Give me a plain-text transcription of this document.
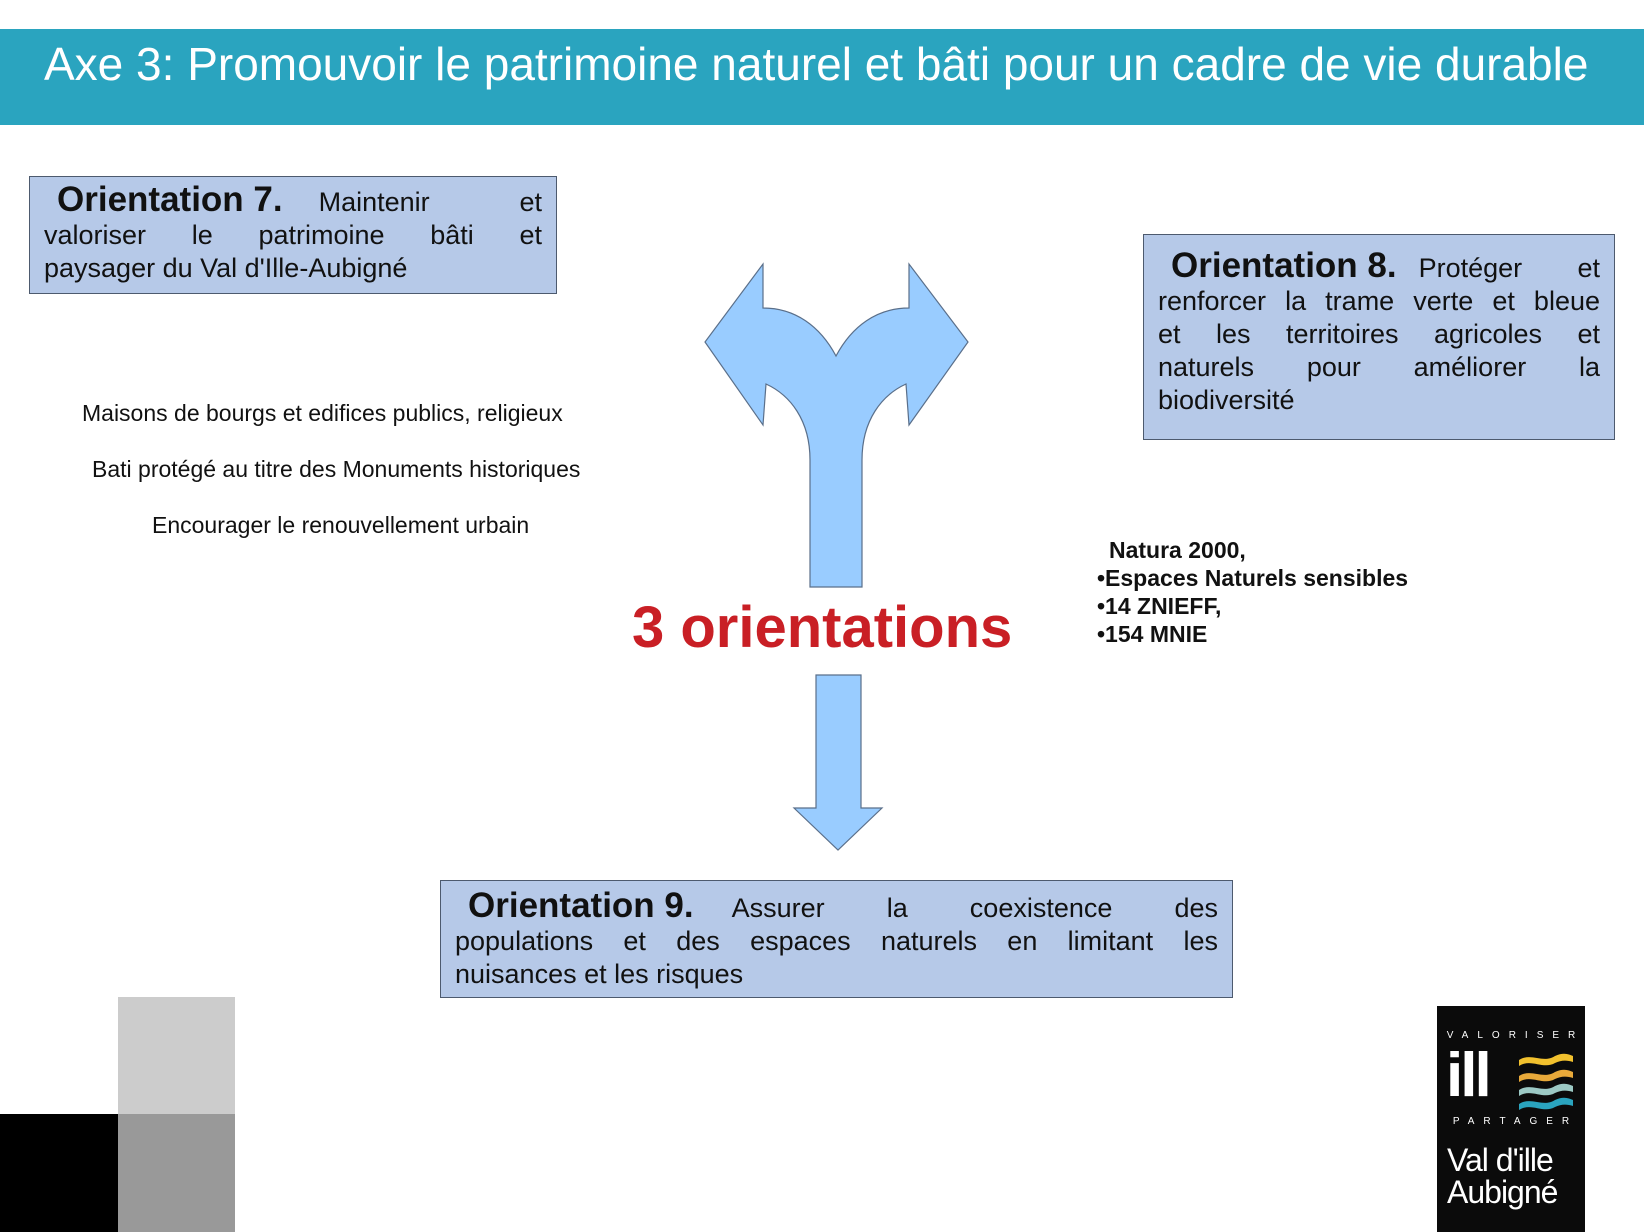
Axe 3: Promouvoir le patrimoine naturel et bâti pour un cadre de vie durable
Orientation 7.	Maintenir et
valoriser le patrimoine bâti et
paysager du Val d'Ille-Aubigné	Orientation 8. Protéger et
renforcer la trame verte et bleue
et les territoires agricoles et
naturels pour améliorer la
biodiversité
Orientation 9.	Assurer la coexistence des
populations et des espaces naturels en limitant les
nuisances et les risques
Maisons de bourgs et edifices publics, religieux
Bati protégé au titre des Monuments historiques
Encourager le renouvellement urbain
Natura 2000,
•Espaces Naturels sensibles
•14 ZNIEFF,
•154 MNIE
3 orientations
VALORISER
ill
PARTAGER
Val d'ille
Aubigné
